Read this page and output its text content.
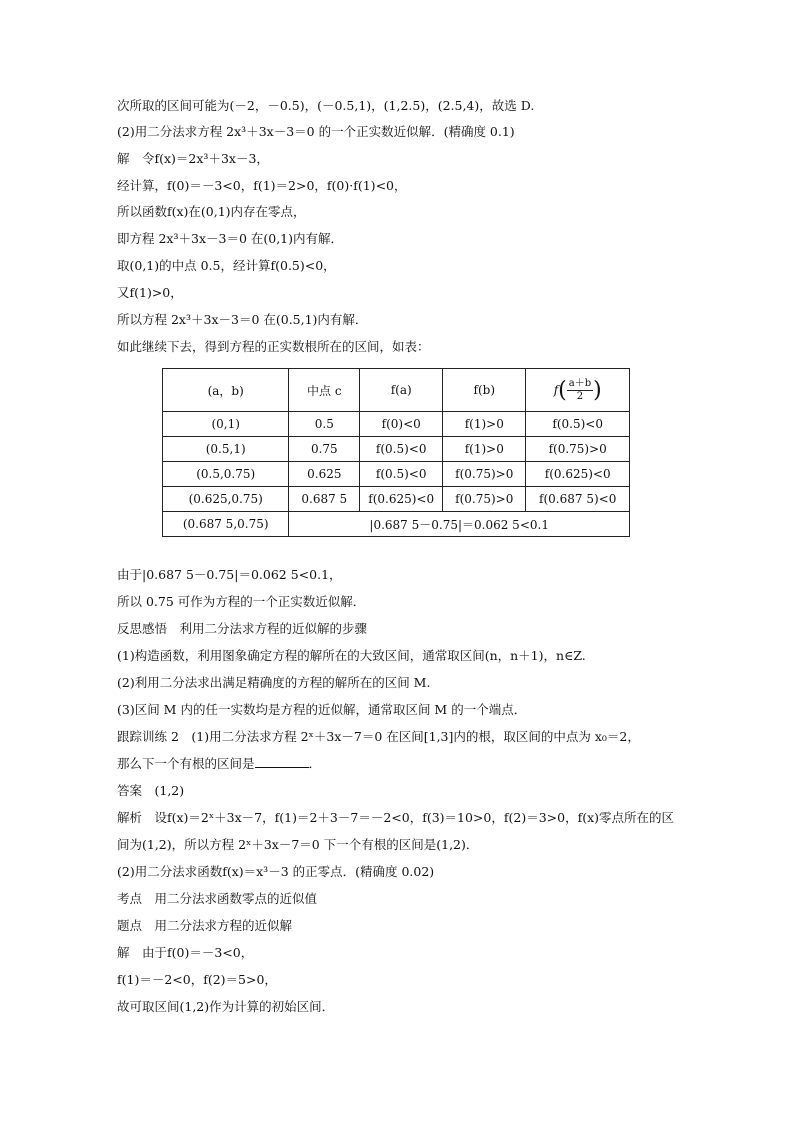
次所取的区间可能为(－2，－0.5)，(－0.5,1)，(1,2.5)，(2.5,4)，故选 D.
(2)用二分法求方程 2x³＋3x－3＝0 的一个正实数近似解．(精确度 0.1)
解　令f(x)＝2x³＋3x－3，
经计算，f(0)＝－3<0，f(1)＝2>0，f(0)·f(1)<0，
所以函数f(x)在(0,1)内存在零点，
即方程 2x³＋3x－3＝0 在(0,1)内有解．
取(0,1)的中点 0.5，经计算f(0.5)<0，
又f(1)>0，
所以方程 2x³＋3x－3＝0 在(0.5,1)内有解．
如此继续下去，得到方程的正实数根所在的区间，如表：
(a，b)	中点 c	f(a)	f(b)	$f( \frac{a+b}{2}$ )
(0,1)	0.5	f(0)<0	f(1)>0	f(0.5)<0
(0.5,1)	0.75	f(0.5)<0	f(1)>0	f(0.75)>0
(0.5,0.75)	0.625	f(0.5)<0	f(0.75)>0	f(0.625)<0
(0.625,0.75)	0.687 5	f(0.625)<0	f(0.75)>0	f(0.687 5)<0
(0.687 5,0.75)	|0.687 5－0.75|＝0.062 5<0.1			
由于|0.687 5－0.75|＝0.062 5<0.1，
所以 0.75 可作为方程的一个正实数近似解．
反思感悟　利用二分法求方程的近似解的步骤
(1)构造函数，利用图象确定方程的解所在的大致区间，通常取区间(n，n＋1)，n∈Z.
(2)利用二分法求出满足精确度的方程的解所在的区间 M.
(3)区间 M 内的任一实数均是方程的近似解，通常取区间 M 的一个端点．
跟踪训练 2　(1)用二分法求方程 2ˣ＋3x－7＝0 在区间[1,3]内的根，取区间的中点为 x₀＝2，
那么下一个有根的区间是	．
答案　(1,2)
解析　设f(x)＝2ˣ＋3x－7，f(1)＝2＋3－7＝－2<0，f(3)＝10>0，f(2)＝3>0，f(x)零点所在的区
间为(1,2)，所以方程 2ˣ＋3x－7＝0 下一个有根的区间是(1,2)．
(2)用二分法求函数f(x)＝x³－3 的正零点．(精确度 0.02)
考点　用二分法求函数零点的近似值
题点　用二分法求方程的近似解
解　由于f(0)＝－3<0，
f(1)＝－2<0，f(2)＝5>0，
故可取区间(1,2)作为计算的初始区间．
